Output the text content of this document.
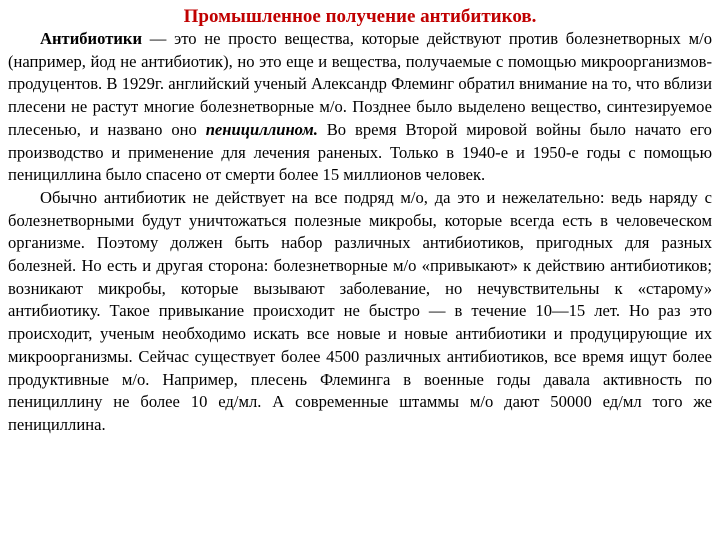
Промышленное получение антибитиков.

Антибиотики — это не просто вещества, которые действуют против болезнетворных м/о (например, йод не антибиотик), но это еще и вещества, получаемые с помощью микроорганизмов-продуцентов. В 1929г. английский ученый Александр Флеминг обратил внимание на то, что вблизи плесени не растут многие болезнетворные м/о. Позднее было выделено вещество, синтезируемое плесенью, и названо оно пенициллином. Во время Второй мировой войны было начато его производство и применение для лечения раненых. Только в 1940-е и 1950-е годы с помощью пенициллина было спасено от смерти более 15 миллионов человек.

Обычно антибиотик не действует на все подряд м/о, да это и нежелательно: ведь наряду с болезнетворными будут уничтожаться полезные микробы, которые всегда есть в человеческом организме. Поэтому должен быть набор различных антибиотиков, пригодных для разных болезней. Но есть и другая сторона: болезнетворные м/о «привыкают» к действию антибиотиков; возникают микробы, которые вызывают заболевание, но нечувствительны к «старому» антибиотику. Такое привыкание происходит не быстро — в течение 10—15 лет. Но раз это происходит, ученым необходимо искать все новые и новые антибиотики и продуцирующие их микроорганизмы. Сейчас существует более 4500 различных антибиотиков, все время ищут более продуктивные м/о. Например, плесень Флеминга в военные годы давала активность по пенициллину не более 10 ед/мл. А современные штаммы м/о дают 50000 ед/мл того же пенициллина.
